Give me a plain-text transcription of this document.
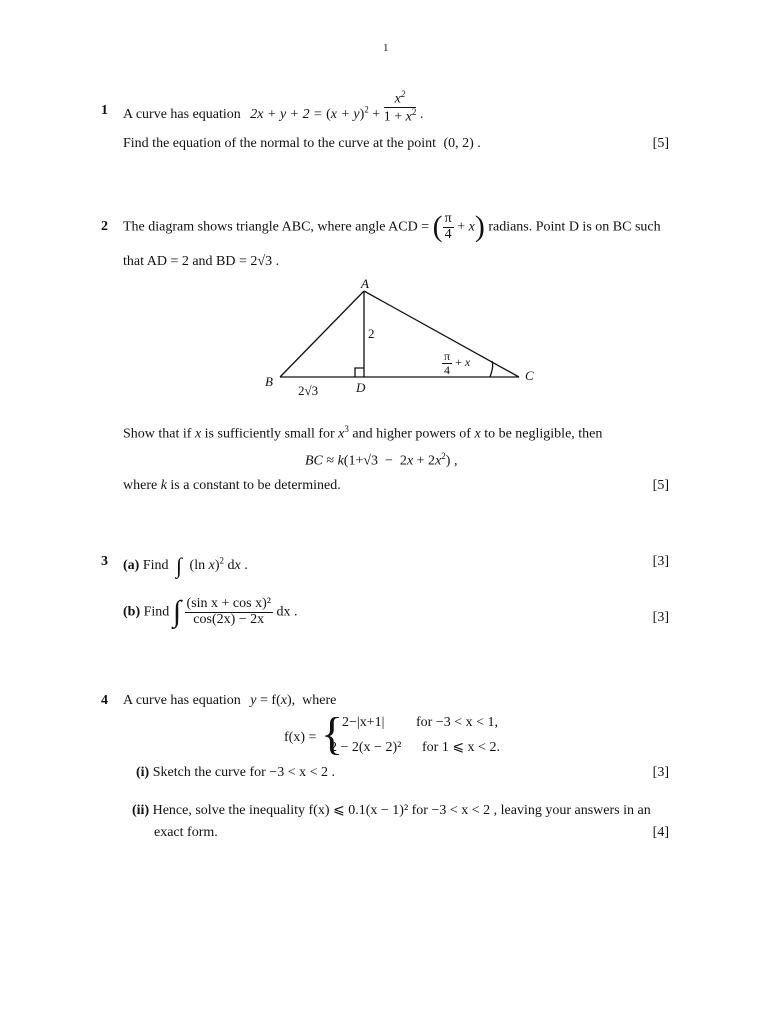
1
1 A curve has equation $2x + y + 2 = (x + y)^2 + \frac{x^2}{1 + x^2}$ .
Find the equation of the normal to the curve at the point (0, 2) .	[5]
2 The diagram shows triangle ABC, where angle ACD = ( $\frac{\pi}{4} + x$) radians. Point D is on BC such
that AD = 2 and BD = 2√3 .
A
B	C
D
2
2√3
$\frac{\pi}{4} + x$
Show that if x is sufficiently small for $x^3$ and higher powers of x to be negligible, then
BC ≈ $k(1+√3 - 2x + 2x^2)$ ,
where k is a constant to be determined.	[5]
3 (a) Find ∫ (ln x)$^2$ dx .	[3]
(b) Find ∫ $\frac{\text{(sin x + cos x)²}}{\cos(2x) - 2x}$ dx .	[3]
4 A curve has equation y = f(x),  where
f(x) = {
2−|x+1| for −3 < x < 1,
2 − 2(x − 2)² for 1 ⩽ x < 2.
(i) Sketch the curve for −3 < x < 2 .	[3]
(ii) Hence, solve the inequality f(x) ⩽ 0.1(x − 1)² for −3 < x < 2 , leaving your answers in an
exact form.	[4]
